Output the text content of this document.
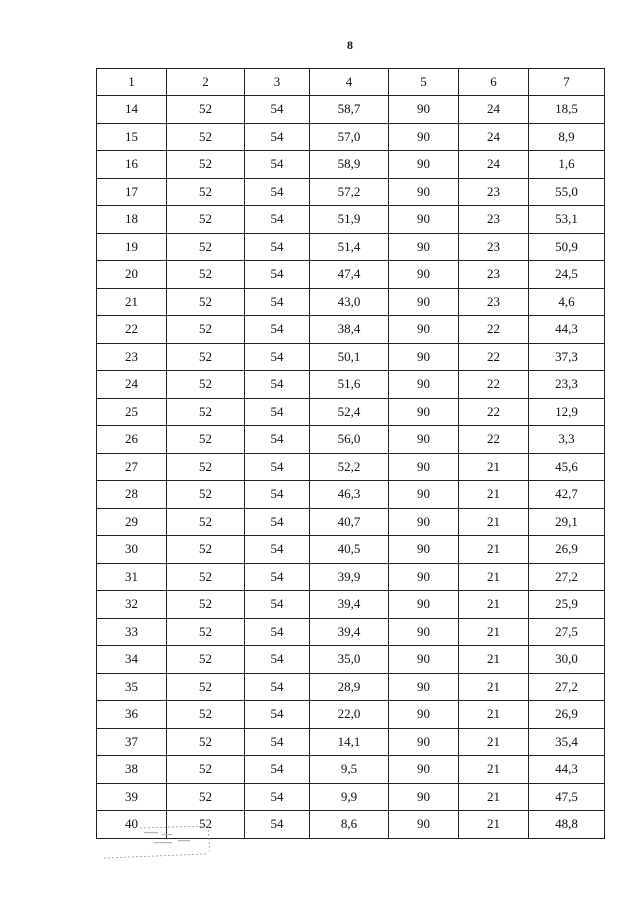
8
1	2	3	4	5	6	7
14	52	54	58,7	90	24	18,5
15	52	54	57,0	90	24	8,9
16	52	54	58,9	90	24	1,6
17	52	54	57,2	90	23	55,0
18	52	54	51,9	90	23	53,1
19	52	54	51,4	90	23	50,9
20	52	54	47,4	90	23	24,5
21	52	54	43,0	90	23	4,6
22	52	54	38,4	90	22	44,3
23	52	54	50,1	90	22	37,3
24	52	54	51,6	90	22	23,3
25	52	54	52,4	90	22	12,9
26	52	54	56,0	90	22	3,3
27	52	54	52,2	90	21	45,6
28	52	54	46,3	90	21	42,7
29	52	54	40,7	90	21	29,1
30	52	54	40,5	90	21	26,9
31	52	54	39,9	90	21	27,2
32	52	54	39,4	90	21	25,9
33	52	54	39,4	90	21	27,5
34	52	54	35,0	90	21	30,0
35	52	54	28,9	90	21	27,2
36	52	54	22,0	90	21	26,9
37	52	54	14,1	90	21	35,4
38	52	54	9,5	90	21	44,3
39	52	54	9,9	90	21	47,5
40	52	54	8,6	90	21	48,8
